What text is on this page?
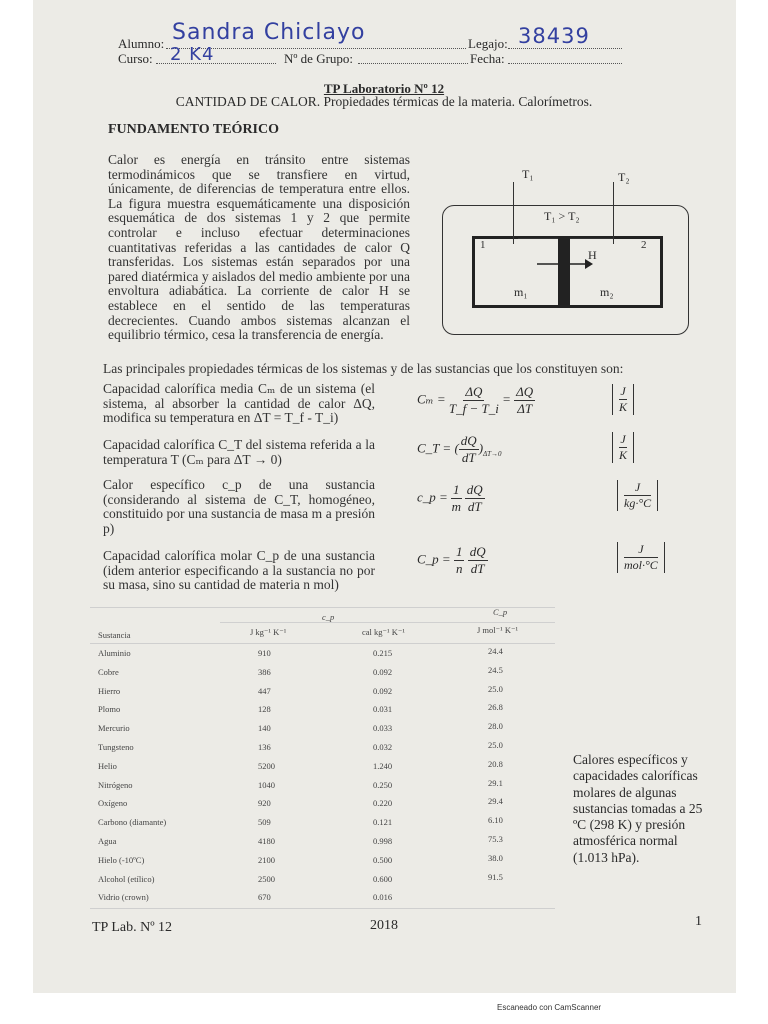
Alumno: Sandra Chiclayo	Legajo: 38439
Curso: 2 K4	Nº de Grupo:	Fecha:
TP Laboratorio Nº 12
CANTIDAD DE CALOR. Propiedades térmicas de la materia. Calorímetros.
FUNDAMENTO TEÓRICO
Calor es energía en tránsito entre sistemas termodinámicos que se transfiere en virtud, únicamente, de diferencias de temperatura entre ellos. La figura muestra esquemáticamente una disposición esquemática de dos sistemas 1 y 2 que permite controlar e incluso efectuar determinaciones cuantitativas referidas a las cantidades de calor Q transferidas. Los sistemas están separados por una pared diatérmica y aislados del medio ambiente por una envoltura adiabática. La corriente de calor H se establece en el sentido de las temperaturas decrecientes. Cuando ambos sistemas alcanzan el equilibrio térmico, cesa la transferencia de energía.
T₁	T₂
T₁ > T₂
1	2
H
m₁	m₂
Las principales propiedades térmicas de los sistemas y de las sustancias que los constituyen son:
Capacidad calorífica media Cₘ de un sistema (el sistema, al absorber la cantidad de calor ΔQ, modifica su temperatura en ΔT = T_f - T_i)
$C_m = \frac{\Delta Q}{T\_f - T\_i} = \frac{\Delta Q}{\Delta T}$	$\frac{J}{K}$
Capacidad calorífica C_T del sistema referida a la temperatura T (Cₘ para ΔT → 0)
C_T = ( $\frac{dQ}{dT} )_{\Delta T\to 0}$	$\frac{J}{K}$
Calor específico c_p de una sustancia (considerando al sistema de C_T, homogéneo, constituido por una sustancia de masa m a presión p)
c_p = $\frac{1}{m}$
$\frac{dQ}{dT}$	$\frac{J}{kg\cdot^\circ C}$
Capacidad calorífica molar C_p de una sustancia (idem anterior especificando a la sustancia no por su masa, sino su cantidad de materia n mol)
C_p = $\frac{1}{n}$
$\frac{dQ}{dT}$	J
mol·°C
c_p	C_p
Sustancia	J kg⁻¹ K⁻¹	cal kg⁻¹ K⁻¹	J mol⁻¹ K⁻¹
Aluminio	910	0.215	24.4
Cobre	386	0.092	24.5
Hierro	447	0.092	25.0
Plomo	128	0.031	26.8
Mercurio	140	0.033	28.0
Tungsteno	136	0.032	25.0
Helio	5200	1.240	20.8
Nitrógeno	1040	0.250	29.1
Oxígeno	920	0.220	29.4
Carbono (diamante)	509	0.121	6.10
Agua	4180	0.998	75.3
Hielo (-10ºC)	2100	0.500	38.0
Alcohol (etílico)	2500	0.600	91.5
Vidrio (crown)	670	0.016
Calores específicos y capacidades caloríficas molares de algunas sustancias tomadas a 25 ºC (298 K) y presión atmosférica normal (1.013 hPa).
TP Lab. Nº 12	2018	1
Escaneado con CamScanner
